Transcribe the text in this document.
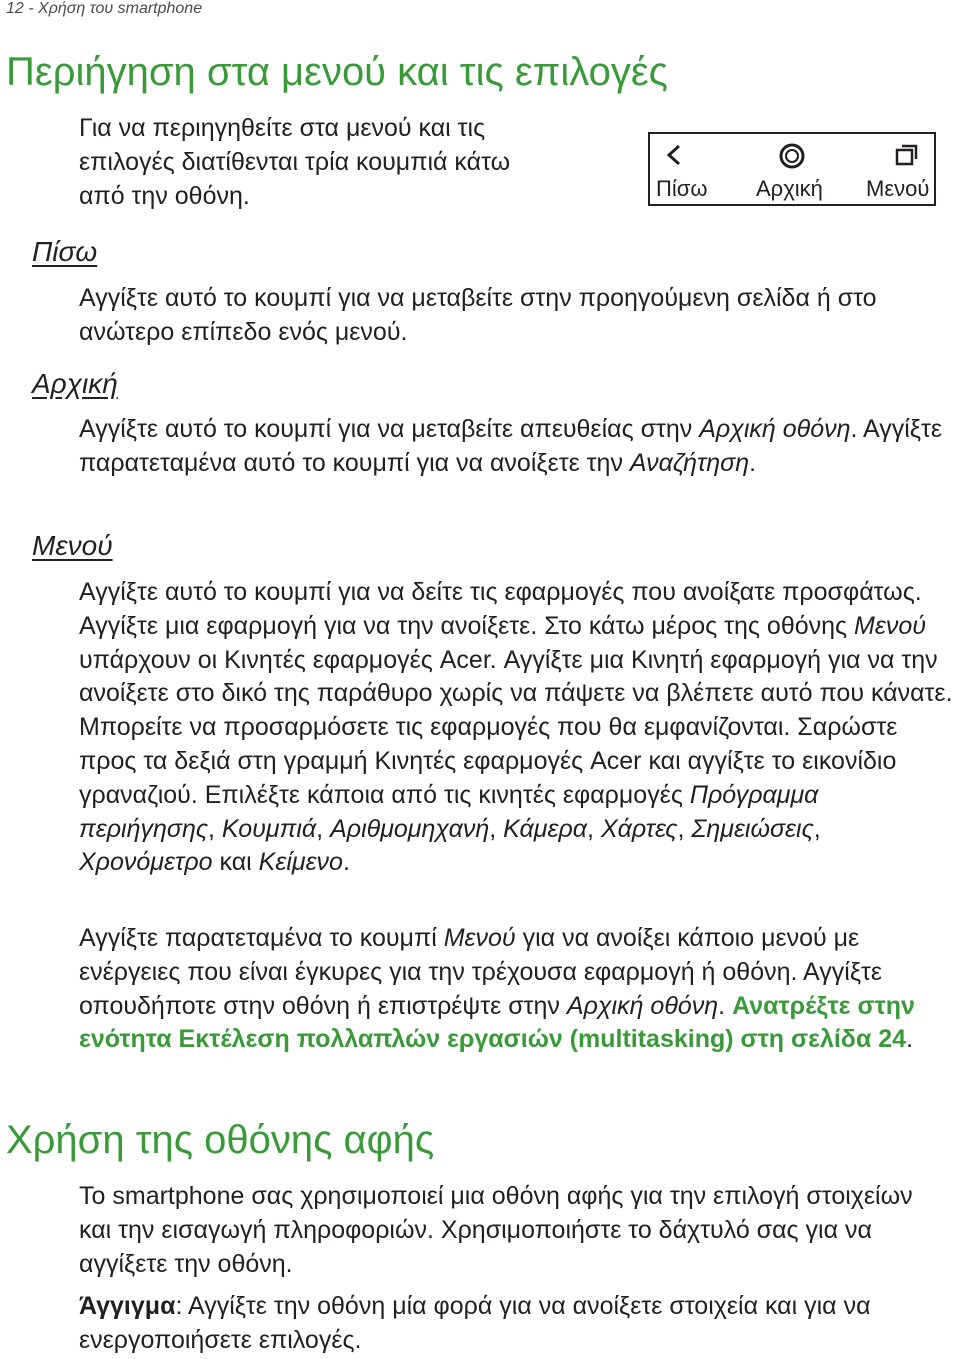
12 - Χρήση του smartphone
Περιήγηση στα μενού και τις επιλογές
Για να περιηγηθείτε στα μενού και τις
επιλογές διατίθενται τρία κουμπιά κάτω
από την οθόνη.	Πίσω Αρχική Μενού
Πίσω

Αγγίξτε αυτό το κουμπί για να μεταβείτε στην προηγούμενη σελίδα ή στο ανώτερο επίπεδο ενός μενού.

Αρχική

Αγγίξτε αυτό το κουμπί για να μεταβείτε απευθείας στην Αρχική οθόνη. Αγγίξτε παρατεταμένα αυτό το κουμπί για να ανοίξετε την Αναζήτηση.

Μενού

Αγγίξτε αυτό το κουμπί για να δείτε τις εφαρμογές που ανοίξατε προσφάτως. Αγγίξτε μια εφαρμογή για να την ανοίξετε. Στο κάτω μέρος της οθόνης Μενού υπάρχουν οι Κινητές εφαρμογές Acer. Αγγίξτε μια Κινητή εφαρμογή για να την ανοίξετε στο δικό της παράθυρο χωρίς να πάψετε να βλέπετε αυτό που κάνατε. Μπορείτε να προσαρμόσετε τις εφαρμογές που θα εμφανίζονται. Σαρώστε προς τα δεξιά στη γραμμή Κινητές εφαρμογές Acer και αγγίξτε το εικονίδιο γραναζιού. Επιλέξτε κάποια από τις κινητές εφαρμογές Πρόγραμμα περιήγησης, Κουμπιά, Αριθμομηχανή, Κάμερα, Χάρτες, Σημειώσεις, Χρονόμετρο και Κείμενο.

Αγγίξτε παρατεταμένα το κουμπί Μενού για να ανοίξει κάποιο μενού με ενέργειες που είναι έγκυρες για την τρέχουσα εφαρμογή ή οθόνη. Αγγίξτε οπουδήποτε στην οθόνη ή επιστρέψτε στην Αρχική οθόνη. Ανατρέξτε στην ενότητα Εκτέλεση πολλαπλών εργασιών (multitasking) στη σελίδα 24.

Χρήση της οθόνης αφής

Το smartphone σας χρησιμοποιεί μια οθόνη αφής για την επιλογή στοιχείων και την εισαγωγή πληροφοριών. Χρησιμοποιήστε το δάχτυλό σας για να αγγίξετε την οθόνη.

Άγγιγμα: Αγγίξτε την οθόνη μία φορά για να ανοίξετε στοιχεία και για να ενεργοποιήσετε επιλογές.
